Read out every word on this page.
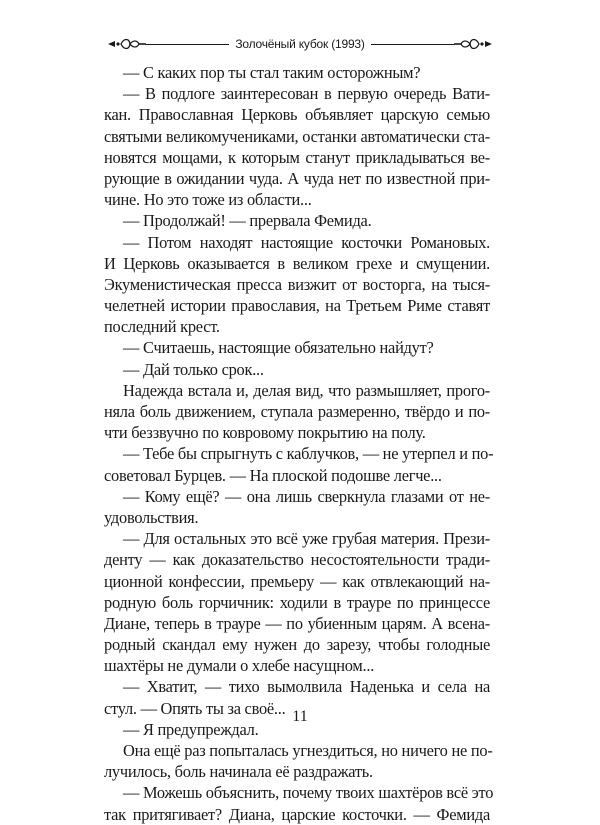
Золочёный кубок (1993)
— С каких пор ты стал таким осторожным?
— В подлоге заинтересован в первую очередь Вати-
кан. Православная Церковь объявляет царскую семью
святыми великомучениками, останки автоматически ста-
новятся мощами, к которым станут прикладываться ве-
рующие в ожидании чуда. А чуда нет по известной при-
чине. Но это тоже из области...
— Продолжай! — прервала Фемида.
— Потом находят настоящие косточки Романовых.
И Церковь оказывается в великом грехе и смущении.
Экуменистическая пресса визжит от восторга, на тыся-
челетней истории православия, на Третьем Риме ставят
последний крест.
— Считаешь, настоящие обязательно найдут?
— Дай только срок...
Надежда встала и, делая вид, что размышляет, прого-
няла боль движением, ступала размеренно, твёрдо и по-
чти беззвучно по ковровому покрытию на полу.
— Тебе бы спрыгнуть с каблучков, — не утерпел и по-
советовал Бурцев. — На плоской подошве легче...
— Кому ещё? — она лишь сверкнула глазами от не-
удовольствия.
— Для остальных это всё уже грубая материя. Прези-
денту — как доказательство несостоятельности тради-
ционной конфессии, премьеру — как отвлекающий на-
родную боль горчичник: ходили в трауре по принцессе
Диане, теперь в трауре — по убиенным царям. А всена-
родный скандал ему нужен до зарезу, чтобы голодные
шахтёры не думали о хлебе насущном...
— Хватит, — тихо вымолвила Наденька и села на
стул. — Опять ты за своё...
— Я предупреждал.
Она ещё раз попыталась угнездиться, но ничего не по-
лучилось, боль начинала её раздражать.
— Можешь объяснить, почему твоих шахтёров всё это
так притягивает? Диана, царские косточки. — Фемида
11
